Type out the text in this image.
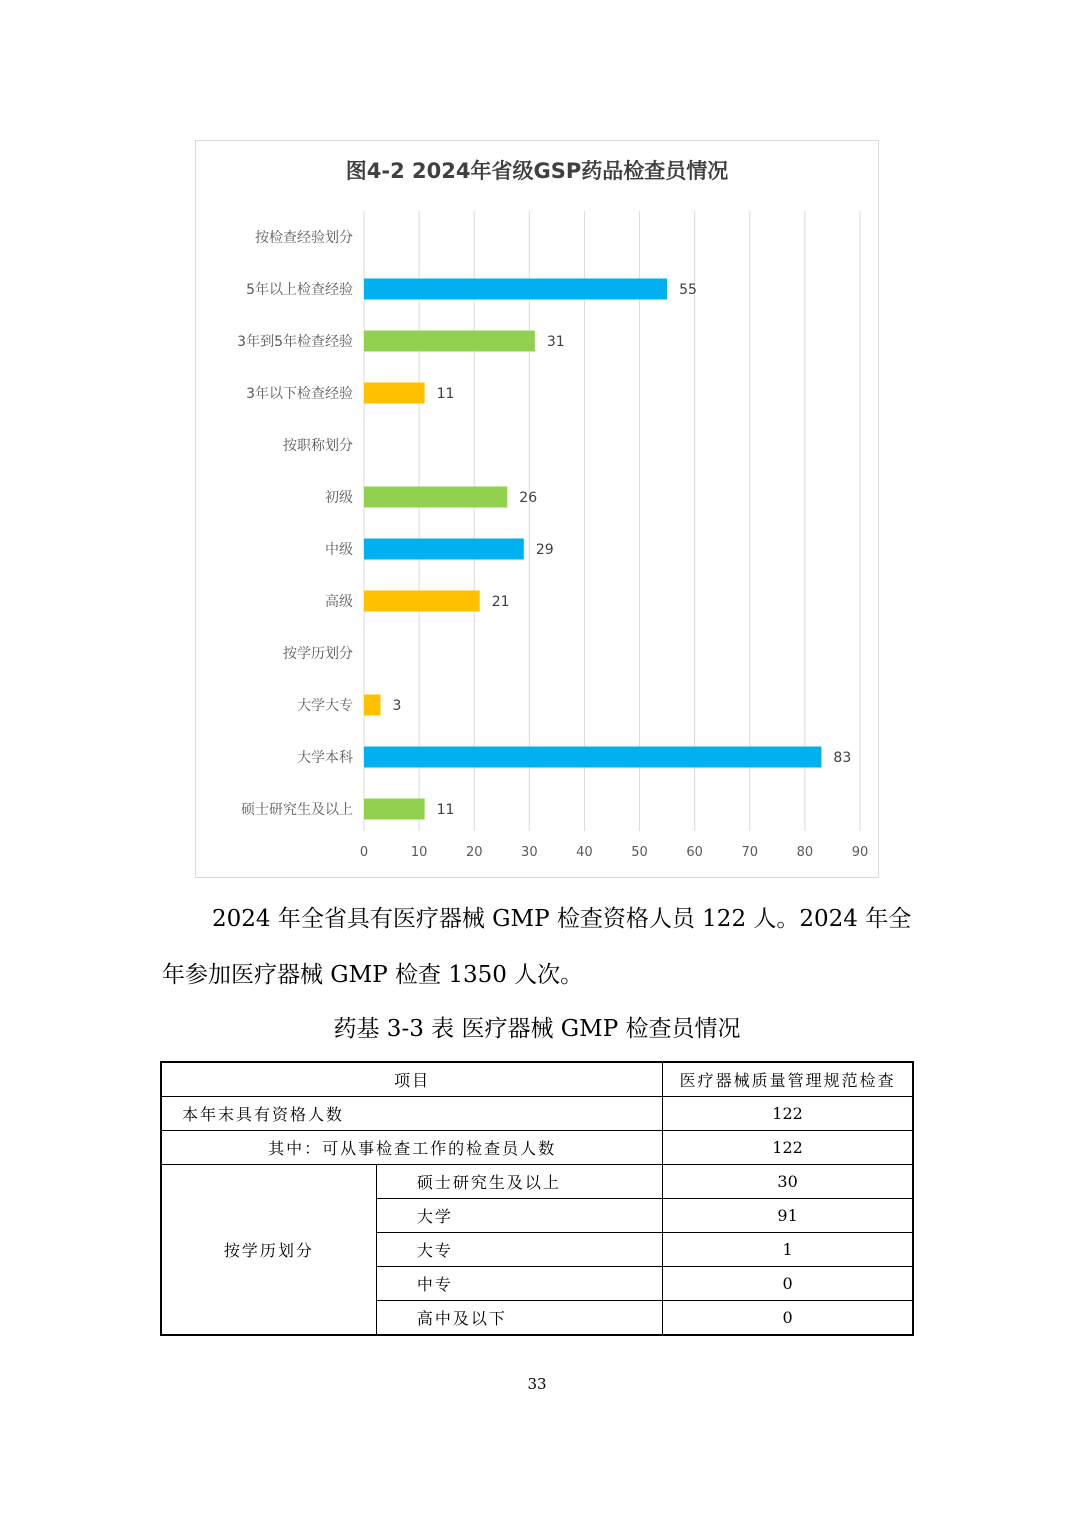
图4-2 2024年省级GSP药品检查员情况
0	10	20	30	40	50	60	70	80	90
按检查经验划分
5年以上检查经验	55
3年到5年检查经验	31
3年以下检查经验	11
按职称划分
初级	26
中级	29
高级	21
按学历划分
大学大专	3
大学本科	83
硕士研究生及以上	11
2024 年全省具有医疗器械 GMP 检查资格人员 122 人。2024 年全
年参加医疗器械 GMP 检查 1350 人次。
药基 3-3 表 医疗器械 GMP 检查员情况
项目		医疗器械质量管理规范检查
本年末具有资格人数		122
其中：可从事检查工作的检查员人数		122
按学历划分	硕士研究生及以上	30
	大学	91
	大专	1
	中专	0
	高中及以下	0
33
